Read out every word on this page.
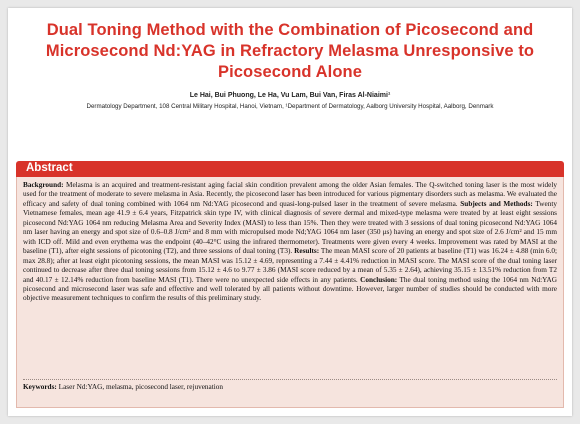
Dual Toning Method with the Combination of Picosecond and
Microsecond Nd:YAG in Refractory Melasma Unresponsive to
Picosecond Alone
Le Hai, Bui Phuong, Le Ha, Vu Lam, Bui Van, Firas Al-Niaimi¹
Dermatology Department, 108 Central Military Hospital, Hanoi, Vietnam, ¹Department of Dermatology, Aalborg University Hospital, Aalborg, Denmark
Abstract
Background: Melasma is an acquired and treatment-resistant aging facial skin condition prevalent among the older Asian females. The Q-switched toning laser is the most widely used for the treatment of moderate to severe melasma in Asia. Recently, the picosecond laser has been introduced for various pigmentary disorders such as melasma. We evaluated the efficacy and safety of dual toning combined with 1064 nm Nd:YAG picosecond and quasi-long-pulsed laser in the treatment of severe melasma. Subjects and Methods: Twenty Vietnamese females, mean age 41.9 ± 6.4 years, Fitzpatrick skin type IV, with clinical diagnosis of severe dermal and mixed-type melasma were treated by at least eight sessions picosecond Nd:YAG 1064 nm reducing Melasma Area and Severity Index (MASI) to less than 15%. Then they were treated with 3 sessions of dual toning picosecond Nd:YAG 1064 nm laser having an energy and spot size of 0.6–0.8 J/cm² and 8 mm with micropulsed mode Nd;YAG 1064 nm laser (350 μs) having an energy and spot size of 2.6 J/cm² and 15 mm with ICD off. Mild and even erythema was the endpoint (40–42°C using the infrared thermometer). Treatments were given every 4 weeks. Improvement was rated by MASI at the baseline (T1), after eight sessions of picotoning (T2), and three sessions of dual toning (T3). Results: The mean MASI score of 20 patients at baseline (T1) was 16.24 ± 4.88 (min 6.0; max 28.8); after at least eight picotoning sessions, the mean MASI was 15.12 ± 4.69, representing a 7.44 ± 4.41% reduction in MASI score. The MASI score of the dual toning laser continued to decrease after three dual toning sessions from 15.12 ± 4.6 to 9.77 ± 3.86 (MASI score reduced by a mean of 5.35 ± 2.64), achieving 35.15 ± 13.51% reduction from T2 and 40.17 ± 12.14% reduction from baseline MASI (T1). There were no unexpected side effects in any patients. Conclusion: The dual toning method using the 1064 nm Nd:YAG picosecond and microsecond laser was safe and effective and well tolerated by all patients without downtime. However, larger number of studies should be conducted with more objective measurement techniques to confirm the results of this preliminary study.
Keywords: Laser Nd:YAG, melasma, picosecond laser, rejuvenation
